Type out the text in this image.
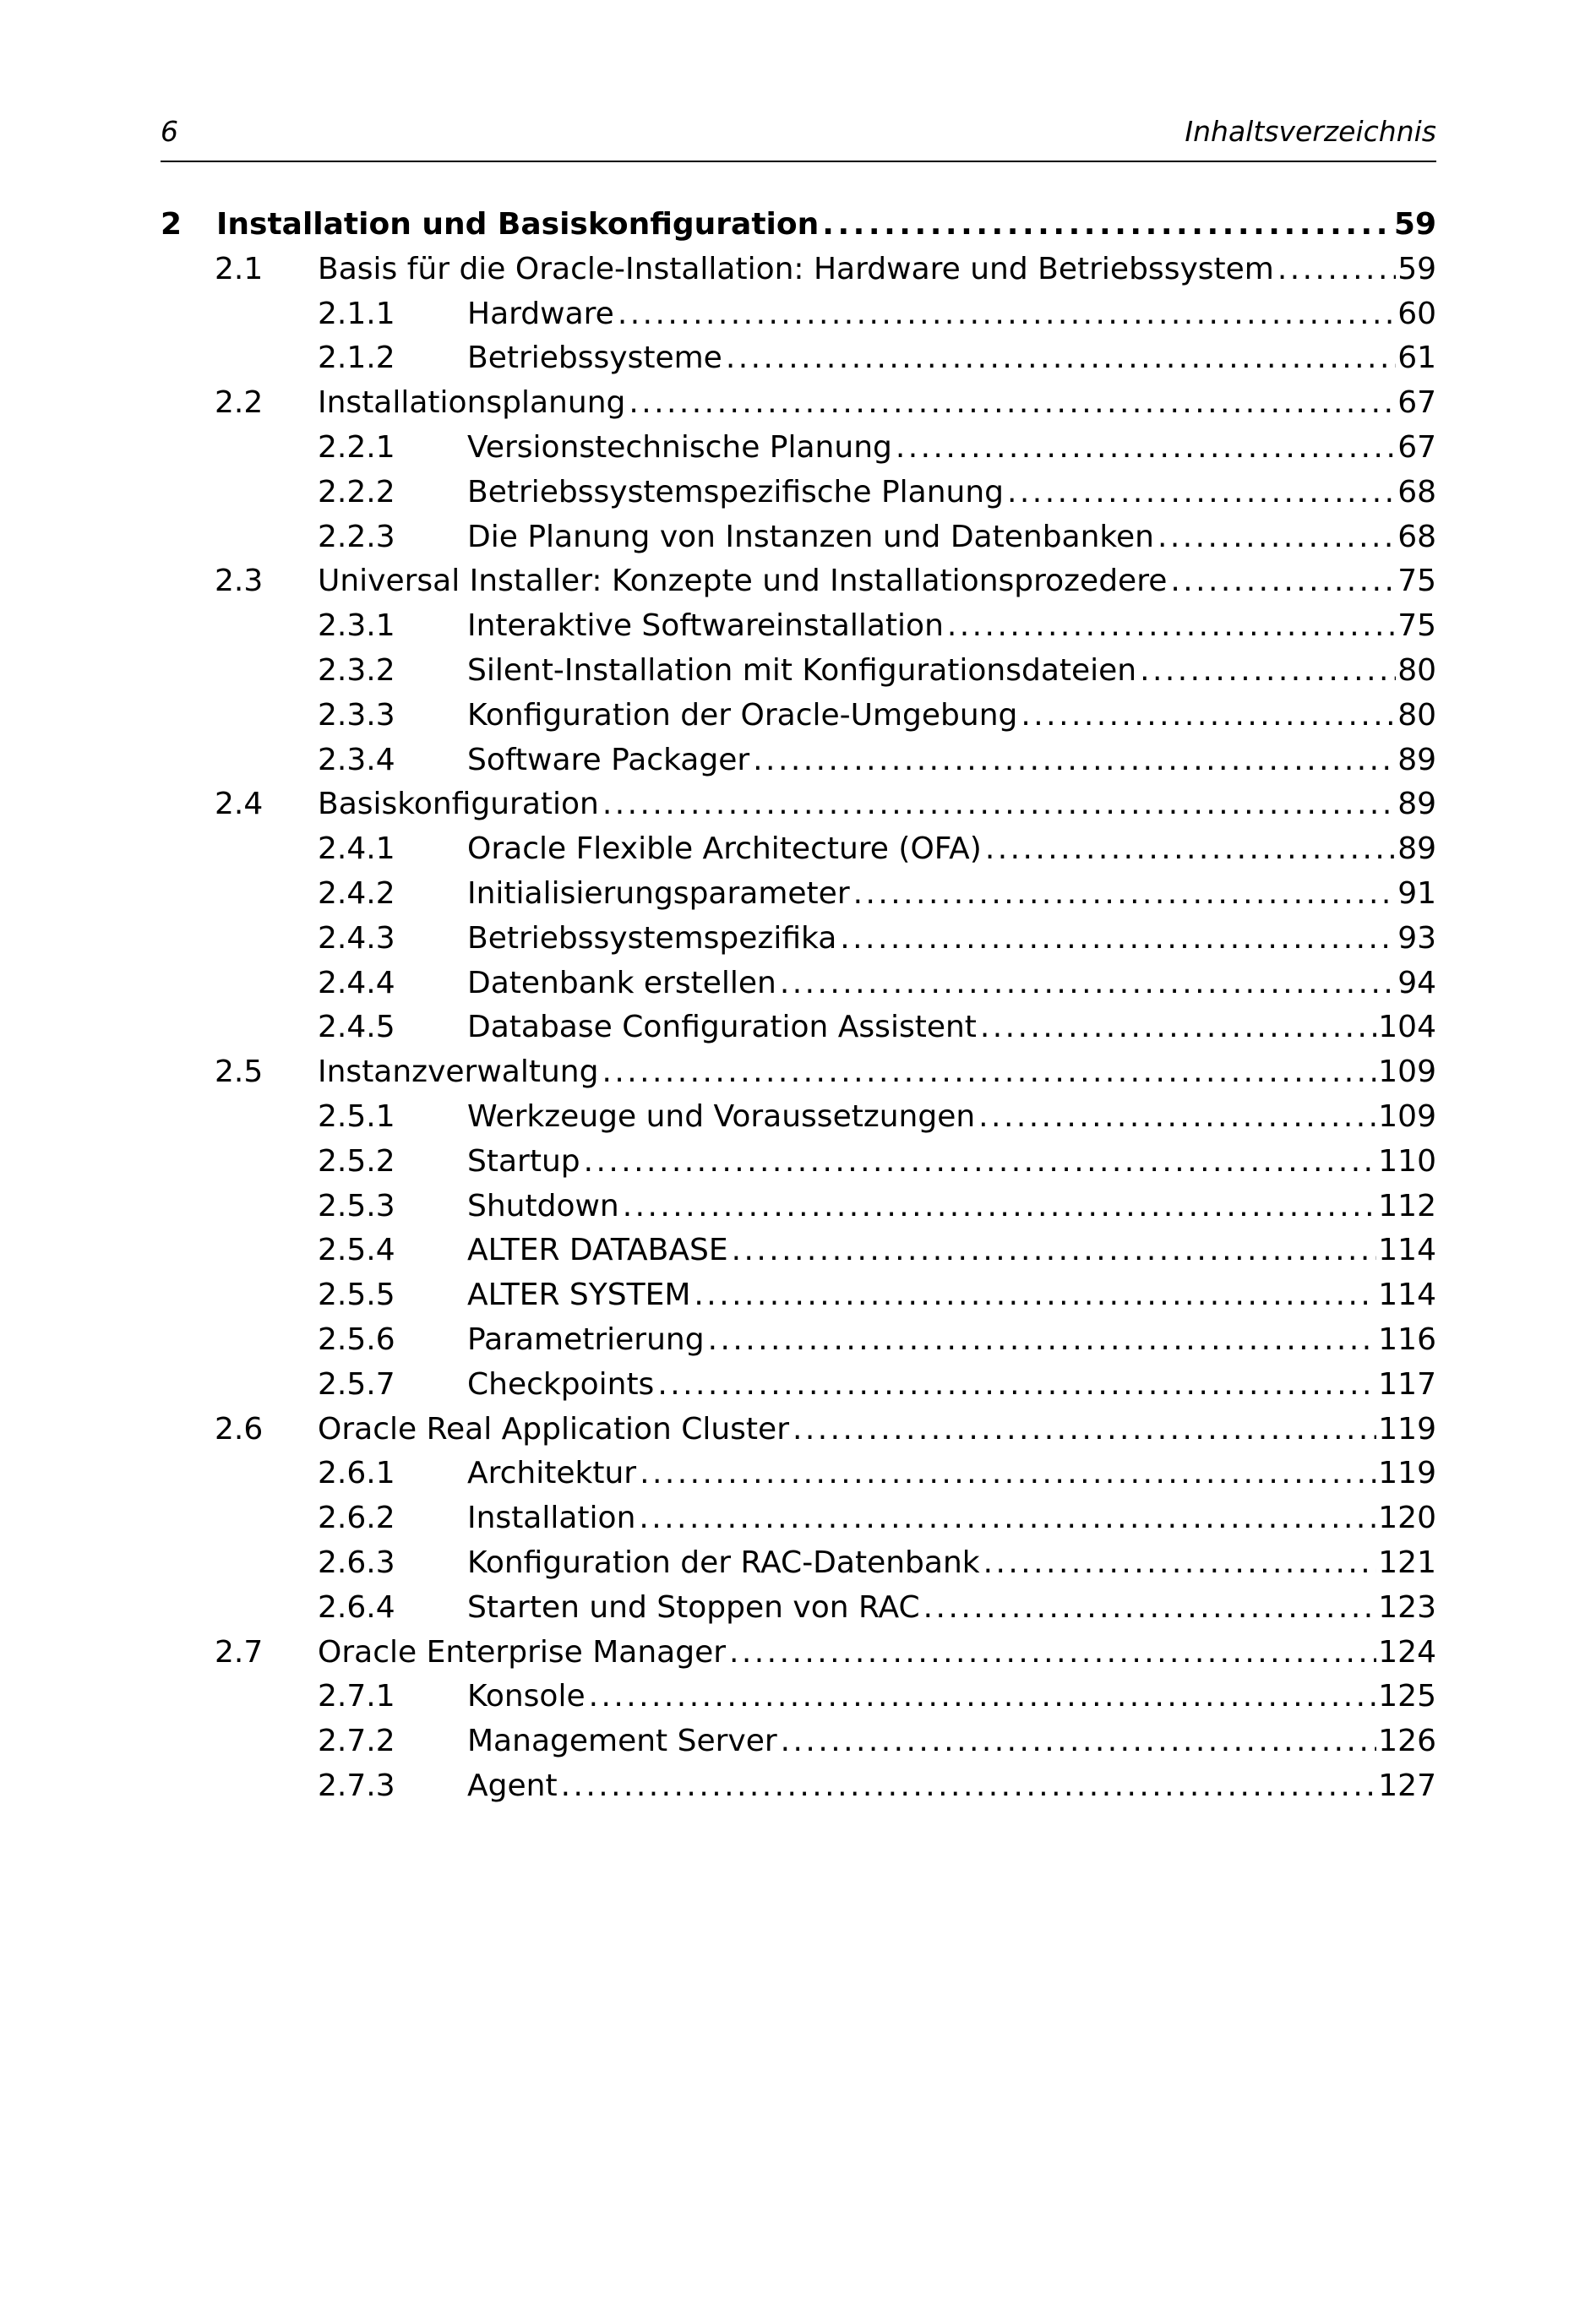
6	Inhaltsverzeichnis
2 Installation und Basiskonfiguration . . .	59
2.1 Basis für die Oracle-Installation: Hardware und Betriebssystem . . .	59
2.1.1 Hardware . . .	60
2.1.2 Betriebssysteme . . .	61
2.2 Installationsplanung . . .	67
2.2.1 Versionstechnische Planung . . .	67
2.2.2 Betriebssystemspezifische Planung . . .	68
2.2.3 Die Planung von Instanzen und Datenbanken . . .	68
2.3 Universal Installer: Konzepte und Installationsprozedere . . .	75
2.3.1 Interaktive Softwareinstallation . . .	75
2.3.2 Silent-Installation mit Konfigurationsdateien . . .	80
2.3.3 Konfiguration der Oracle-Umgebung . . .	80
2.3.4 Software Packager . . .	89
2.4 Basiskonfiguration . . .	89
2.4.1 Oracle Flexible Architecture (OFA) . . .	89
2.4.2 Initialisierungsparameter . . .	91
2.4.3 Betriebssystemspezifika . . .	93
2.4.4 Datenbank erstellen . . .	94
2.4.5 Database Configuration Assistent . . .	104
2.5 Instanzverwaltung . . .	109
2.5.1 Werkzeuge und Voraussetzungen . . .	109
2.5.2 Startup . . .	110
2.5.3 Shutdown . . .	112
2.5.4 ALTER DATABASE . . .	114
2.5.5 ALTER SYSTEM . . .	114
2.5.6 Parametrierung . . .	116
2.5.7 Checkpoints . . .	117
2.6 Oracle Real Application Cluster . . .	119
2.6.1 Architektur . . .	119
2.6.2 Installation . . .	120
2.6.3 Konfiguration der RAC-Datenbank . . .	121
2.6.4 Starten und Stoppen von RAC . . .	123
2.7 Oracle Enterprise Manager . . .	124
2.7.1 Konsole . . .	125
2.7.2 Management Server . . .	126
2.7.3 Agent . . .	127
